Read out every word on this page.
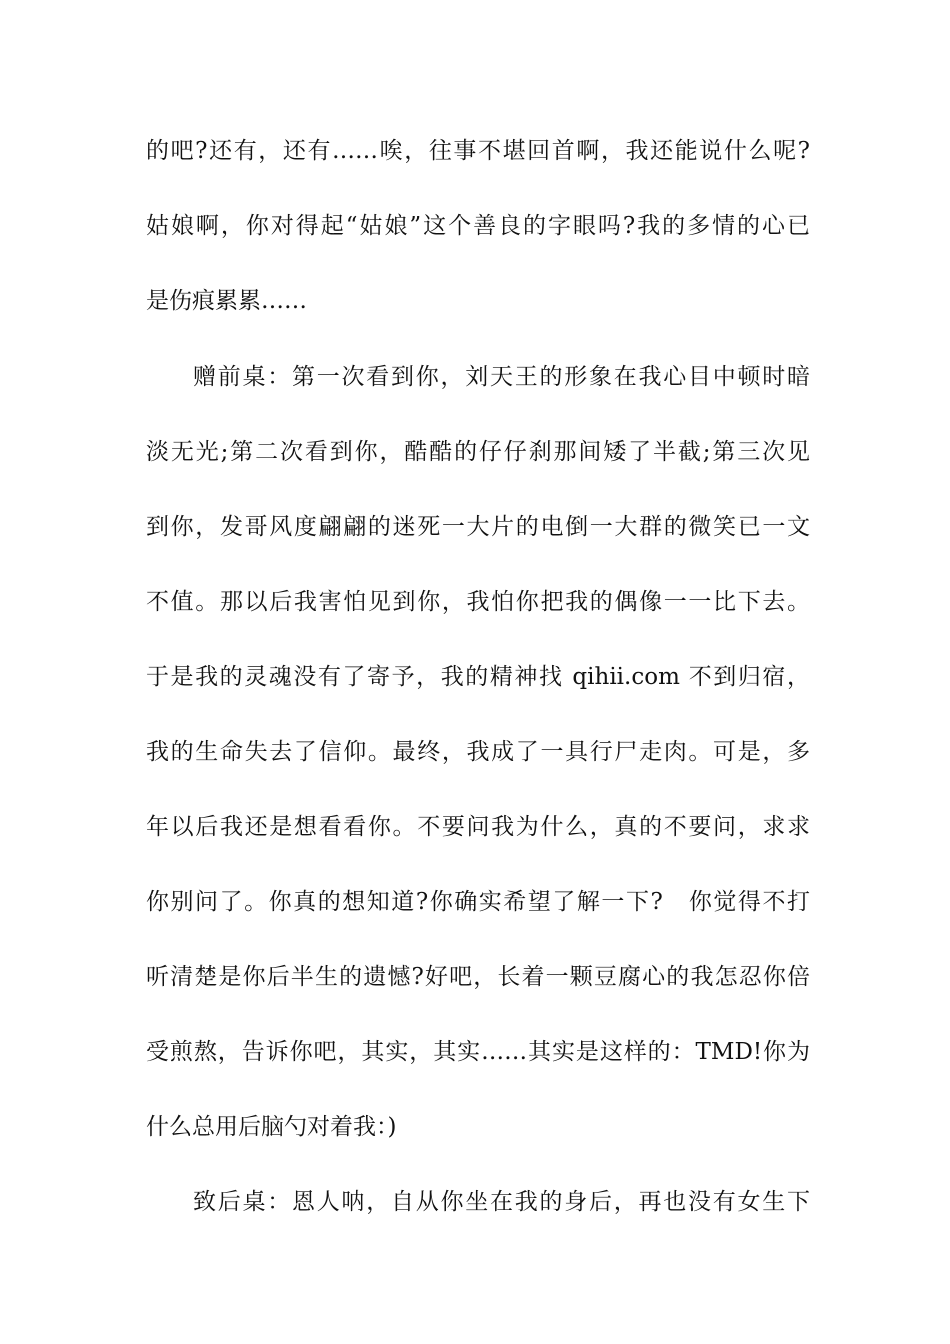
的吧?还有，还有……唉，往事不堪回首啊，我还能说什么呢?
姑娘啊，你对得起“姑娘”这个善良的字眼吗?我的多情的心已
是伤痕累累……
赠前桌：第一次看到你，刘天王的形象在我心目中顿时暗
淡无光;第二次看到你，酷酷的仔仔刹那间矮了半截;第三次见
到你，发哥风度翩翩的迷死一大片的电倒一大群的微笑已一文
不值。那以后我害怕见到你，我怕你把我的偶像一一比下去。
于是我的灵魂没有了寄予，我的精神找 qihii.com 不到归宿，
我的生命失去了信仰。最终，我成了一具行尸走肉。可是，多
年以后我还是想看看你。不要问我为什么，真的不要问，求求
你别问了。你真的想知道?你确实希望了解一下?　你觉得不打
听清楚是你后半生的遗憾?好吧，长着一颗豆腐心的我怎忍你倍
受煎熬，告诉你吧，其实，其实……其实是这样的：TMD!你为
什么总用后脑勺对着我：)
致后桌：恩人呐，自从你坐在我的身后，再也没有女生下
